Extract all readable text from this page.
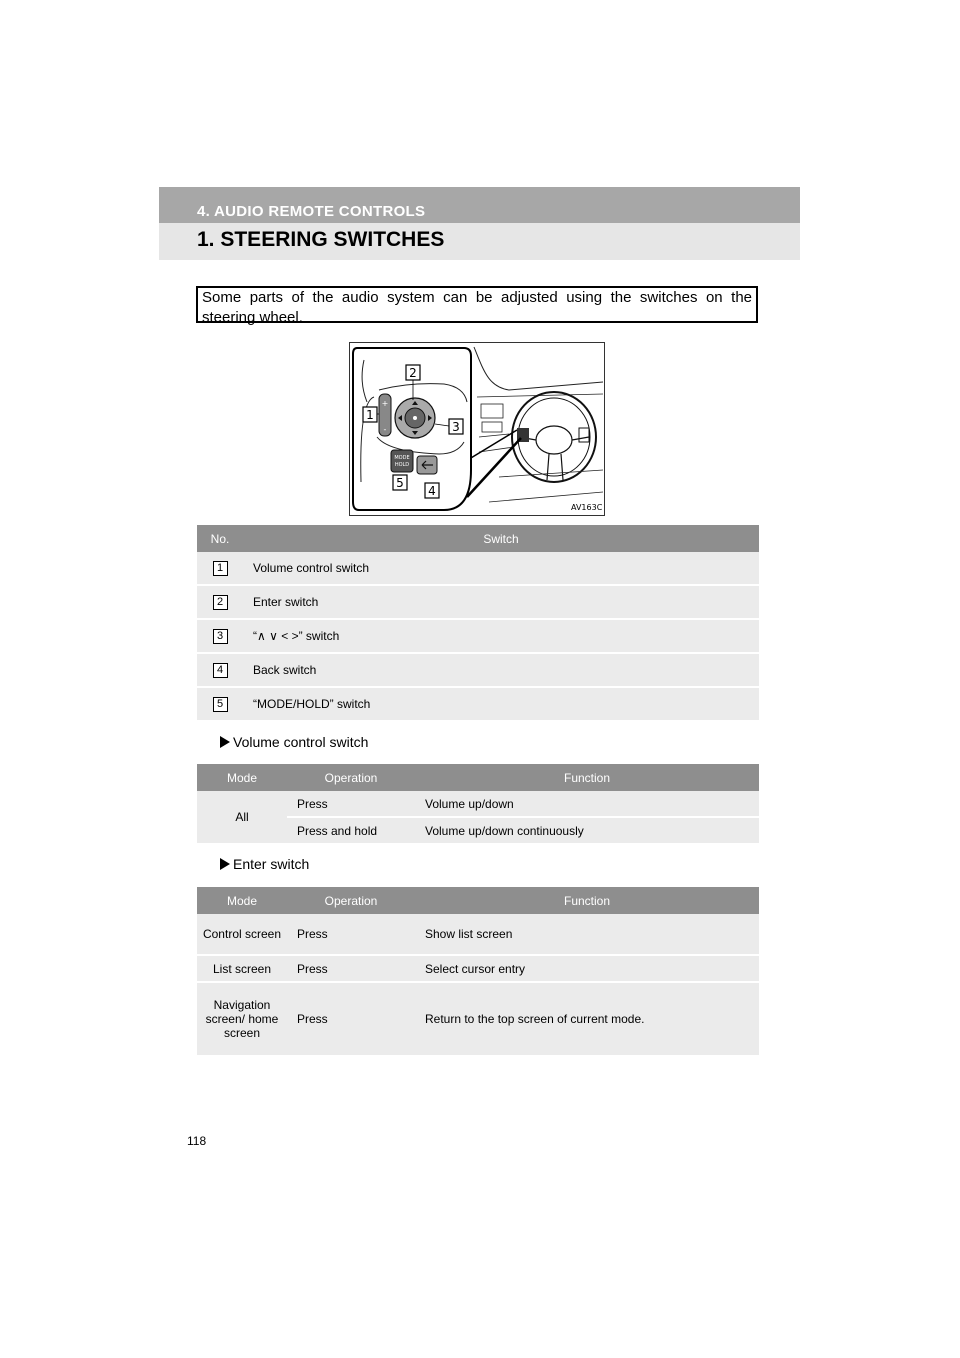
4. AUDIO REMOTE CONTROLS
1. STEERING SWITCHES
Some parts of the audio system can be adjusted using the switches on the steering wheel.
+
-
MODE
HOLD
1
2
3
4
5
AV163C
No.	Switch
1	Volume control switch
2	Enter switch
3	“∧ ∨ < >” switch
4	Back switch
5	“MODE/HOLD” switch
Volume control switch
Mode	Operation	Function
All	Press	Volume up/down
	Press and hold	Volume up/down continuously
Enter switch
Mode	Operation	Function
Control screen	Press	Show list screen
List screen	Press	Select cursor entry
Navigation screen/ home screen	Press	Return to the top screen of current mode.
118
